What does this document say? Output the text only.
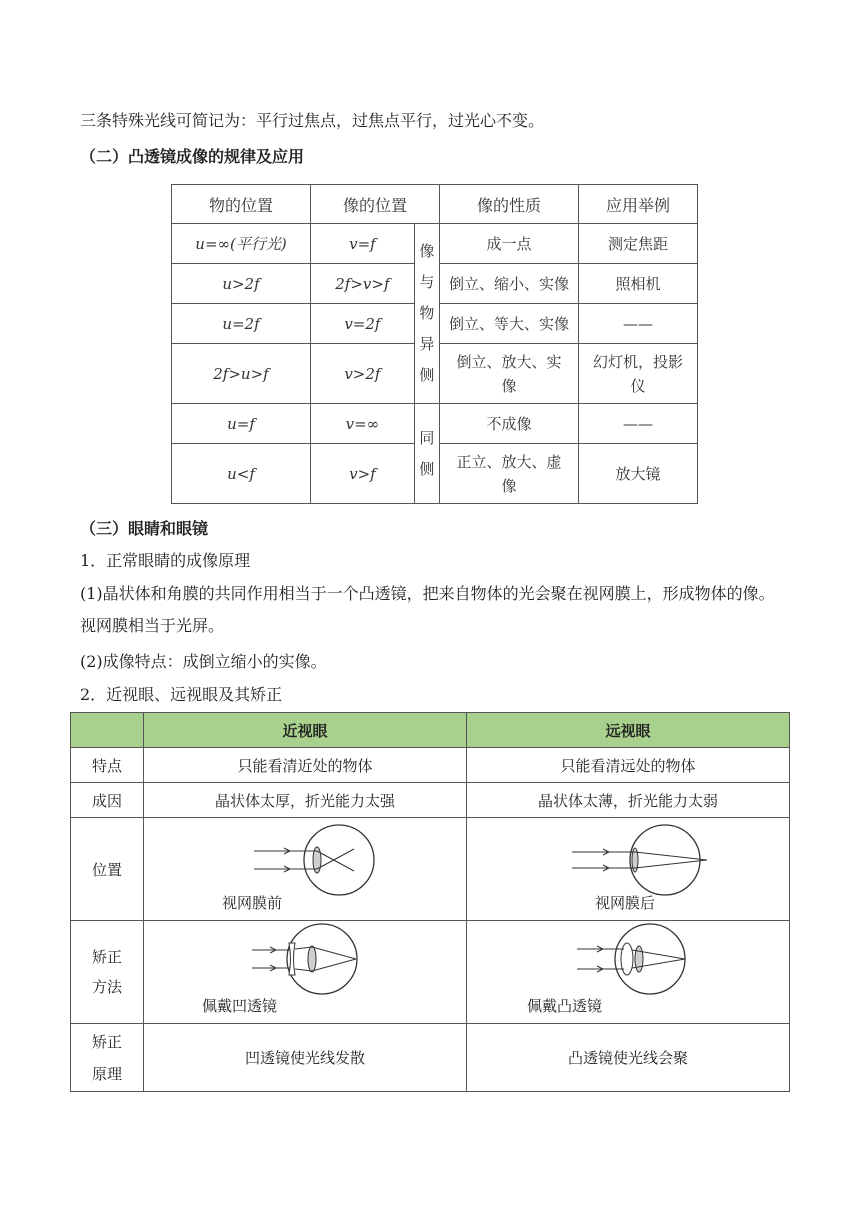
三条特殊光线可简记为：平行过焦点，过焦点平行，过光心不变。
（二）凸透镜成像的规律及应用
物的位置	像的位置		像的性质	应用举例
u=∞(平行光)	v=f	像与物异侧	成一点	测定焦距
u>2f	2f>v>f		倒立、缩小、实像	照相机
u=2f	v=2f		倒立、等大、实像	——
2f>u>f	v>2f		倒立、放大、实像	幻灯机，投影仪
u=f	v=∞	同侧	不成像	——
u<f	v>f		正立、放大、虚像	放大镜
（三）眼睛和眼镜
1．正常眼睛的成像原理
(1)晶状体和角膜的共同作用相当于一个凸透镜，把来自物体的光会聚在视网膜上，形成物体的像。视网膜相当于光屏。
(2)成像特点：成倒立缩小的实像。
2．近视眼、远视眼及其矫正
	近视眼	远视眼
特点	只能看清近处的物体	只能看清远处的物体
成因	晶状体太厚，折光能力太强	晶状体太薄，折光能力太弱
位置	视网膜前	视网膜后

矫正方法	佩戴凹透镜	佩戴凸透镜

矫正原理	凹透镜使光线发散	凸透镜使光线会聚
